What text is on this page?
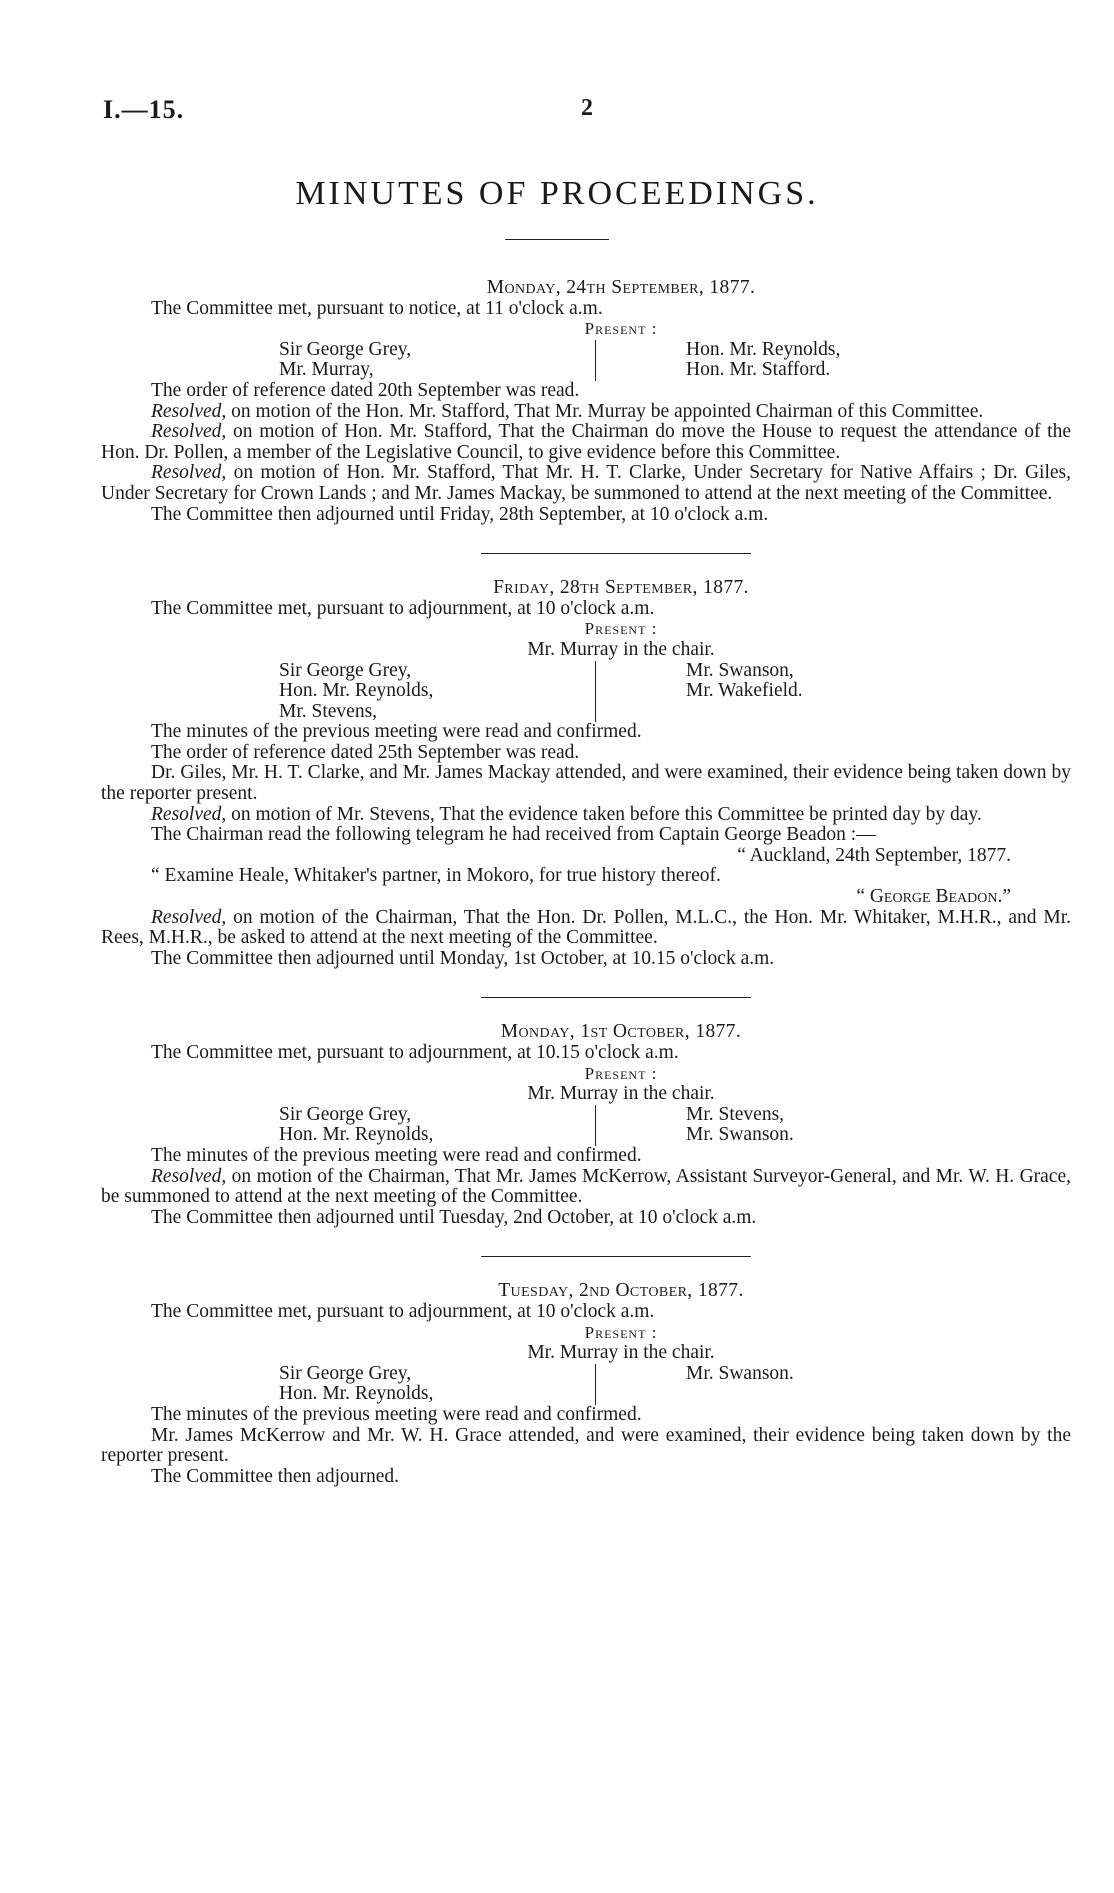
I.—15.	2
MINUTES OF PROCEEDINGS.
Monday, 24th September, 1877.

The Committee met, pursuant to notice, at 11 o'clock a.m.

Present :
Sir George Grey,
Mr. Murray,
Hon. Mr. Reynolds,
Hon. Mr. Stafford.

The order of reference dated 20th September was read.

Resolved, on motion of the Hon. Mr. Stafford, That Mr. Murray be appointed Chairman of this Committee.

Resolved, on motion of Hon. Mr. Stafford, That the Chairman do move the House to request the attendance of the Hon. Dr. Pollen, a member of the Legislative Council, to give evidence before this Committee.

Resolved, on motion of Hon. Mr. Stafford, That Mr. H. T. Clarke, Under Secretary for Native Affairs ; Dr. Giles, Under Secretary for Crown Lands ; and Mr. James Mackay, be summoned to attend at the next meeting of the Committee.

The Committee then adjourned until Friday, 28th September, at 10 o'clock a.m.

Friday, 28th September, 1877.

The Committee met, pursuant to adjournment, at 10 o'clock a.m.

Present :
Mr. Murray in the chair.
Sir George Grey,
Hon. Mr. Reynolds,
Mr. Stevens,
Mr. Swanson,
Mr. Wakefield.

The minutes of the previous meeting were read and confirmed.

The order of reference dated 25th September was read.

Dr. Giles, Mr. H. T. Clarke, and Mr. James Mackay attended, and were examined, their evidence being taken down by the reporter present.

Resolved, on motion of Mr. Stevens, That the evidence taken before this Committee be printed day by day.

The Chairman read the following telegram he had received from Captain George Beadon :—

“ Auckland, 24th September, 1877.

“ Examine Heale, Whitaker's partner, in Mokoro, for true history thereof.

“ George Beadon.”

Resolved, on motion of the Chairman, That the Hon. Dr. Pollen, M.L.C., the Hon. Mr. Whitaker, M.H.R., and Mr. Rees, M.H.R., be asked to attend at the next meeting of the Committee.

The Committee then adjourned until Monday, 1st October, at 10.15 o'clock a.m.

Monday, 1st October, 1877.

The Committee met, pursuant to adjournment, at 10.15 o'clock a.m.

Present :
Mr. Murray in the chair.
Sir George Grey,
Hon. Mr. Reynolds,
Mr. Stevens,
Mr. Swanson.

The minutes of the previous meeting were read and confirmed.

Resolved, on motion of the Chairman, That Mr. James McKerrow, Assistant Surveyor-General, and Mr. W. H. Grace, be summoned to attend at the next meeting of the Committee.

The Committee then adjourned until Tuesday, 2nd October, at 10 o'clock a.m.

Tuesday, 2nd October, 1877.

The Committee met, pursuant to adjournment, at 10 o'clock a.m.

Present :
Mr. Murray in the chair.
Sir George Grey,
Hon. Mr. Reynolds,
Mr. Swanson.

The minutes of the previous meeting were read and confirmed.

Mr. James McKerrow and Mr. W. H. Grace attended, and were examined, their evidence being taken down by the reporter present.

The Committee then adjourned.
